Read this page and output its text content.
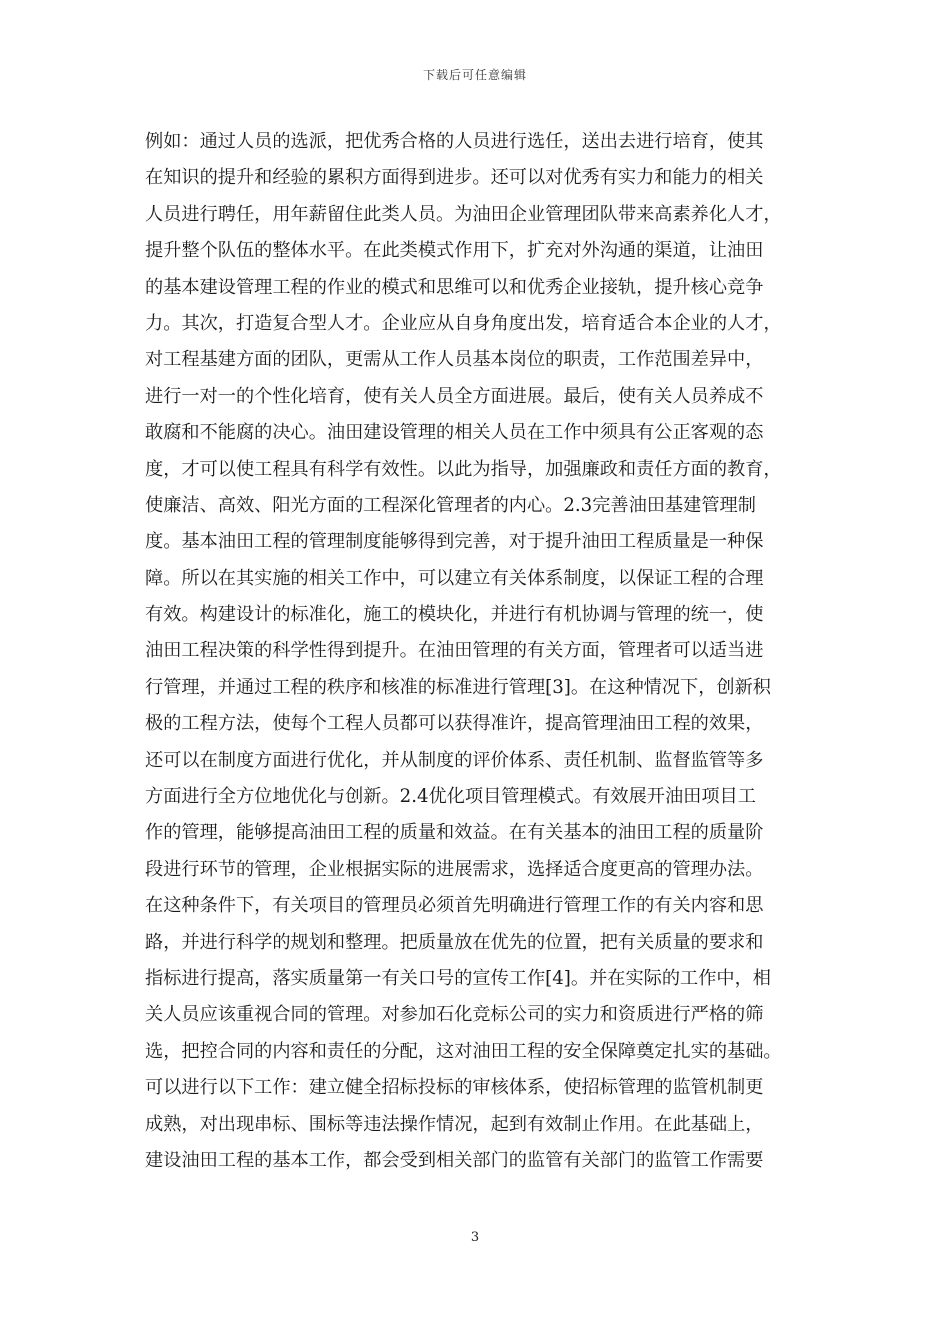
下载后可任意编辑
例如：通过人员的选派，把优秀合格的人员进行选任，送出去进行培育，使其
在知识的提升和经验的累积方面得到进步。还可以对优秀有实力和能力的相关
人员进行聘任，用年薪留住此类人员。为油田企业管理团队带来高素养化人才，
提升整个队伍的整体水平。在此类模式作用下，扩充对外沟通的渠道，让油田
的基本建设管理工程的作业的模式和思维可以和优秀企业接轨，提升核心竞争
力。其次，打造复合型人才。企业应从自身角度出发，培育适合本企业的人才，
对工程基建方面的团队，更需从工作人员基本岗位的职责，工作范围差异中，
进行一对一的个性化培育，使有关人员全方面进展。最后，使有关人员养成不
敢腐和不能腐的决心。油田建设管理的相关人员在工作中须具有公正客观的态
度，才可以使工程具有科学有效性。以此为指导，加强廉政和责任方面的教育，
使廉洁、高效、阳光方面的工程深化管理者的内心。2.3完善油田基建管理制
度。基本油田工程的管理制度能够得到完善，对于提升油田工程质量是一种保
障。所以在其实施的相关工作中，可以建立有关体系制度，以保证工程的合理
有效。构建设计的标准化，施工的模块化，并进行有机协调与管理的统一，使
油田工程决策的科学性得到提升。在油田管理的有关方面，管理者可以适当进
行管理，并通过工程的秩序和核准的标准进行管理[3]。在这种情况下，创新积
极的工程方法，使每个工程人员都可以获得准许，提高管理油田工程的效果，
还可以在制度方面进行优化，并从制度的评价体系、责任机制、监督监管等多
方面进行全方位地优化与创新。2.4优化项目管理模式。有效展开油田项目工
作的管理，能够提高油田工程的质量和效益。在有关基本的油田工程的质量阶
段进行环节的管理，企业根据实际的进展需求，选择适合度更高的管理办法。
在这种条件下，有关项目的管理员必须首先明确进行管理工作的有关内容和思
路，并进行科学的规划和整理。把质量放在优先的位置，把有关质量的要求和
指标进行提高，落实质量第一有关口号的宣传工作[4]。并在实际的工作中，相
关人员应该重视合同的管理。对参加石化竞标公司的实力和资质进行严格的筛
选，把控合同的内容和责任的分配，这对油田工程的安全保障奠定扎实的基础。
可以进行以下工作：建立健全招标投标的审核体系，使招标管理的监管机制更
成熟，对出现串标、围标等违法操作情况，起到有效制止作用。在此基础上，
建设油田工程的基本工作，都会受到相关部门的监管有关部门的监管工作需要
3
